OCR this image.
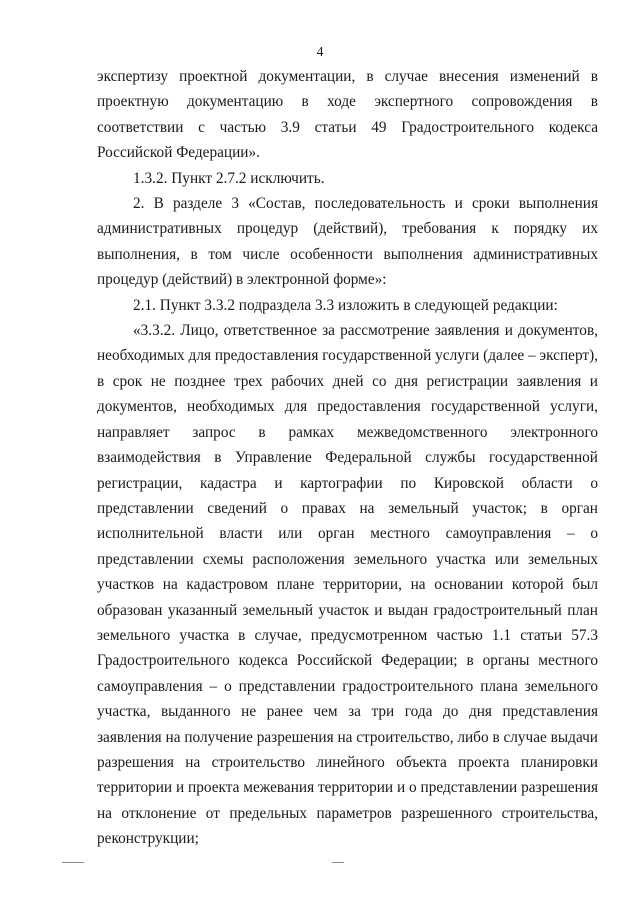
4

экспертизу проектной документации, в случае внесения изменений в проектную документацию в ходе экспертного сопровождения в соответствии с частью 3.9 статьи 49 Градостроительного кодекса Российской Федерации».

1.3.2. Пункт 2.7.2 исключить.

2. В разделе 3 «Состав, последовательность и сроки выполнения административных процедур (действий), требования к порядку их выполнения, в том числе особенности выполнения административных процедур (действий) в электронной форме»:

2.1. Пункт 3.3.2 подраздела 3.3 изложить в следующей редакции:

«3.3.2. Лицо, ответственное за рассмотрение заявления и документов, необходимых для предоставления государственной услуги (далее – эксперт), в срок не позднее трех рабочих дней со дня регистрации заявления и документов, необходимых для предоставления государственной услуги, направляет запрос в рамках межведомственного электронного взаимодействия в Управление Федеральной службы государственной регистрации, кадастра и картографии по Кировской области о представлении сведений о правах на земельный участок; в орган исполнительной власти или орган местного самоуправления – о представлении схемы расположения земельного участка или земельных участков на кадастровом плане территории, на основании которой был образован указанный земельный участок и выдан градостроительный план земельного участка в случае, предусмотренном частью 1.1 статьи 57.3 Градостроительного кодекса Российской Федерации; в органы местного самоуправления – о представлении градостроительного плана земельного участка, выданного не ранее чем за три года до дня представления заявления на получение разрешения на строительство, либо в случае выдачи разрешения на строительство линейного объекта проекта планировки территории и проекта межевания территории и о представлении разрешения на отклонение от предельных параметров разрешенного строительства, реконструкции;
